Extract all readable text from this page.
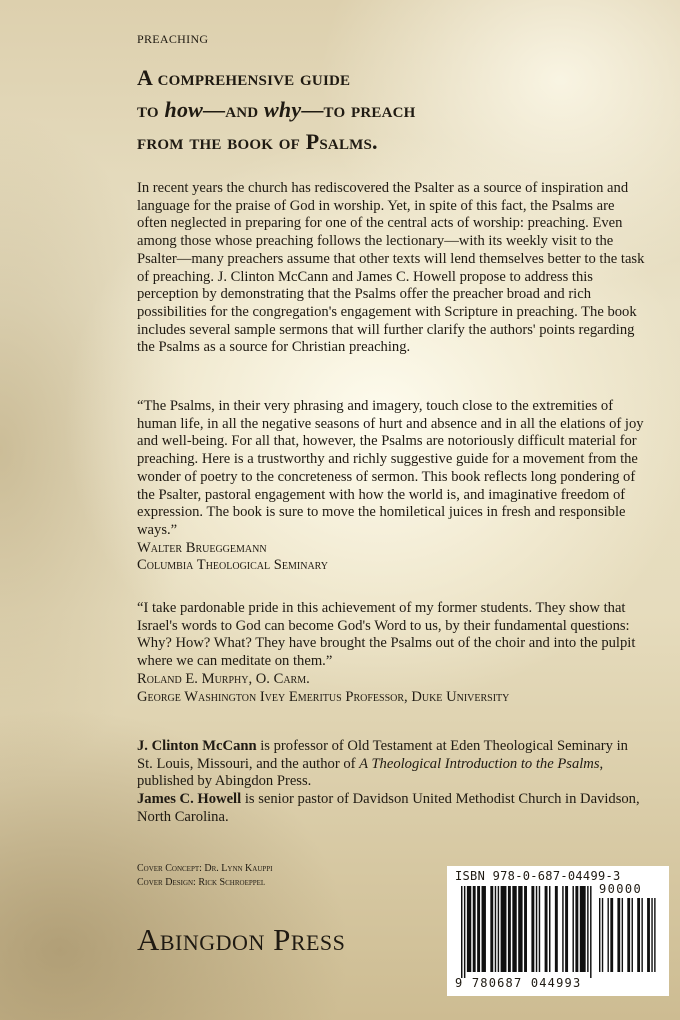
PREACHING
A comprehensive guide
to how—and why—to preach
from the book of Psalms.

In recent years the church has rediscovered the Psalter as a source of inspiration and language for the praise of God in worship. Yet, in spite of this fact, the Psalms are often neglected in preparing for one of the central acts of worship: preaching. Even among those whose preaching follows the lectionary—with its weekly visit to the Psalter—many preachers assume that other texts will lend themselves better to the task of preaching. J. Clinton McCann and James C. Howell propose to address this perception by demonstrating that the Psalms offer the preacher broad and rich possibilities for the congregation's engagement with Scripture in preaching. The book includes several sample sermons that will further clarify the authors' points regarding the Psalms as a source for Christian preaching.

“The Psalms, in their very phrasing and imagery, touch close to the extremities of human life, in all the negative seasons of hurt and absence and in all the elations of joy and well-being. For all that, however, the Psalms are notoriously difficult material for preaching. Here is a trustworthy and richly suggestive guide for a movement from the wonder of poetry to the concreteness of sermon. This book reflects long pondering of the Psalter, pastoral engagement with how the world is, and imaginative freedom of expression. The book is sure to move the homiletical juices in fresh and responsible ways.”

Walter Brueggemann
Columbia Theological Seminary

“I take pardonable pride in this achievement of my former students. They show that Israel's words to God can become God's Word to us, by their fundamental questions: Why? How? What? They have brought the Psalms out of the choir and into the pulpit where we can meditate on them.”

Roland E. Murphy, O. Carm.
George Washington Ivey Emeritus Professor, Duke University

J. Clinton McCann is professor of Old Testament at Eden Theological Seminary in St. Louis, Missouri, and the author of A Theological Introduction to the Psalms, published by Abingdon Press.

James C. Howell is senior pastor of Davidson United Methodist Church in Davidson, North Carolina.

Cover Concept: Dr. Lynn Kauppi
Cover Design: Rick Schroeppel
Abingdon Press
ISBN 978-0-687-04499-3
90000
9 780687 044993
